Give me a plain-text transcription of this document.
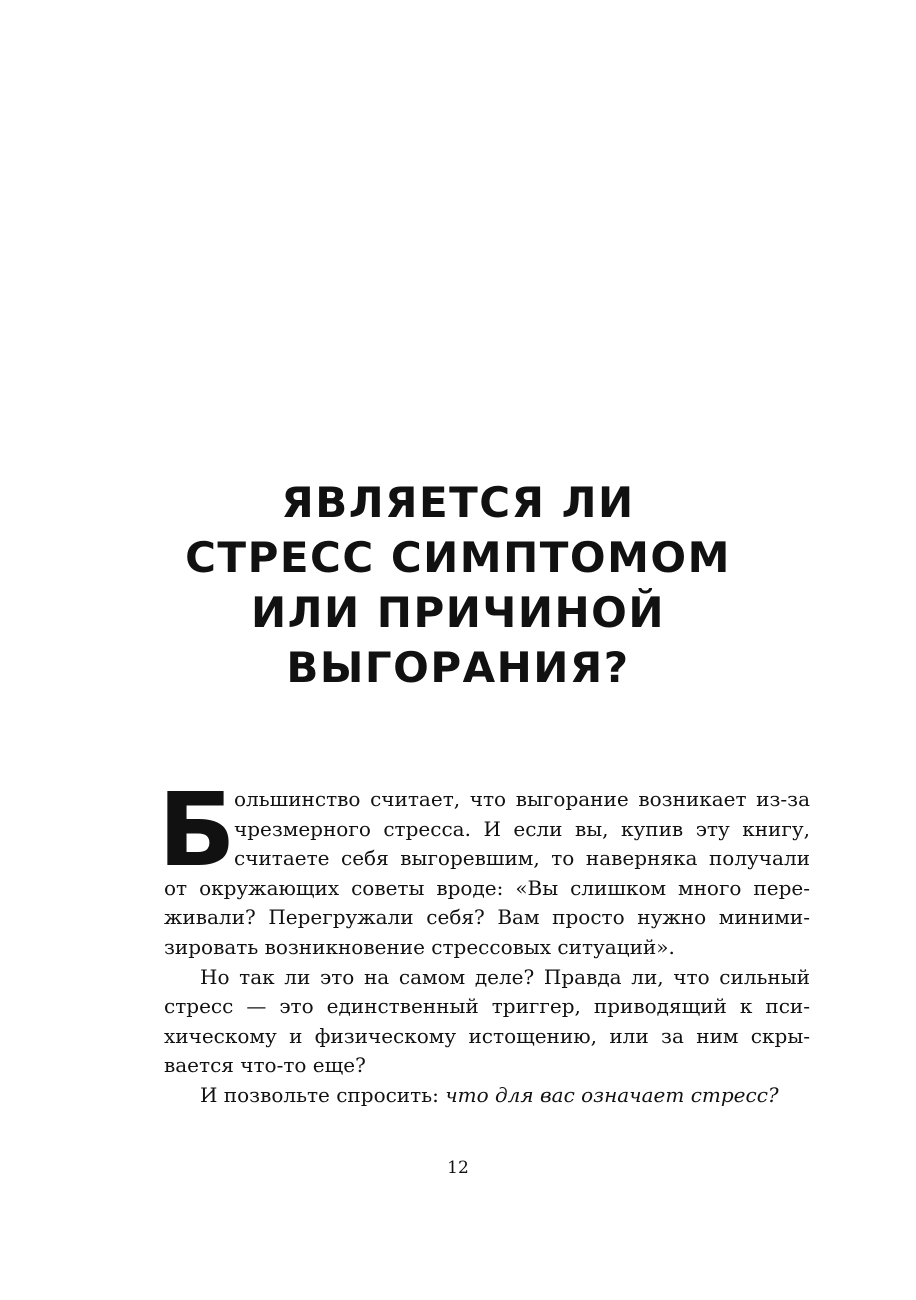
ЯВЛЯЕТСЯ ЛИ
СТРЕСС СИМПТОМОМ
ИЛИ ПРИЧИНОЙ
ВЫГОРАНИЯ?
Б
ольшинство считает, что выгорание возникает из-за
чрезмерного стресса. И если вы, купив эту книгу,
считаете себя выгоревшим, то наверняка получали
от окружающих советы вроде: «Вы слишком много пере-
живали? Перегружали себя? Вам просто нужно миними-
зировать возникновение стрессовых ситуаций».
Но так ли это на самом деле? Правда ли, что сильный
стресс — это единственный триггер, приводящий к пси-
хическому и физическому истощению, или за ним скры-
вается что-то еще?
И позвольте спросить: что для вас означает стресс?
12
